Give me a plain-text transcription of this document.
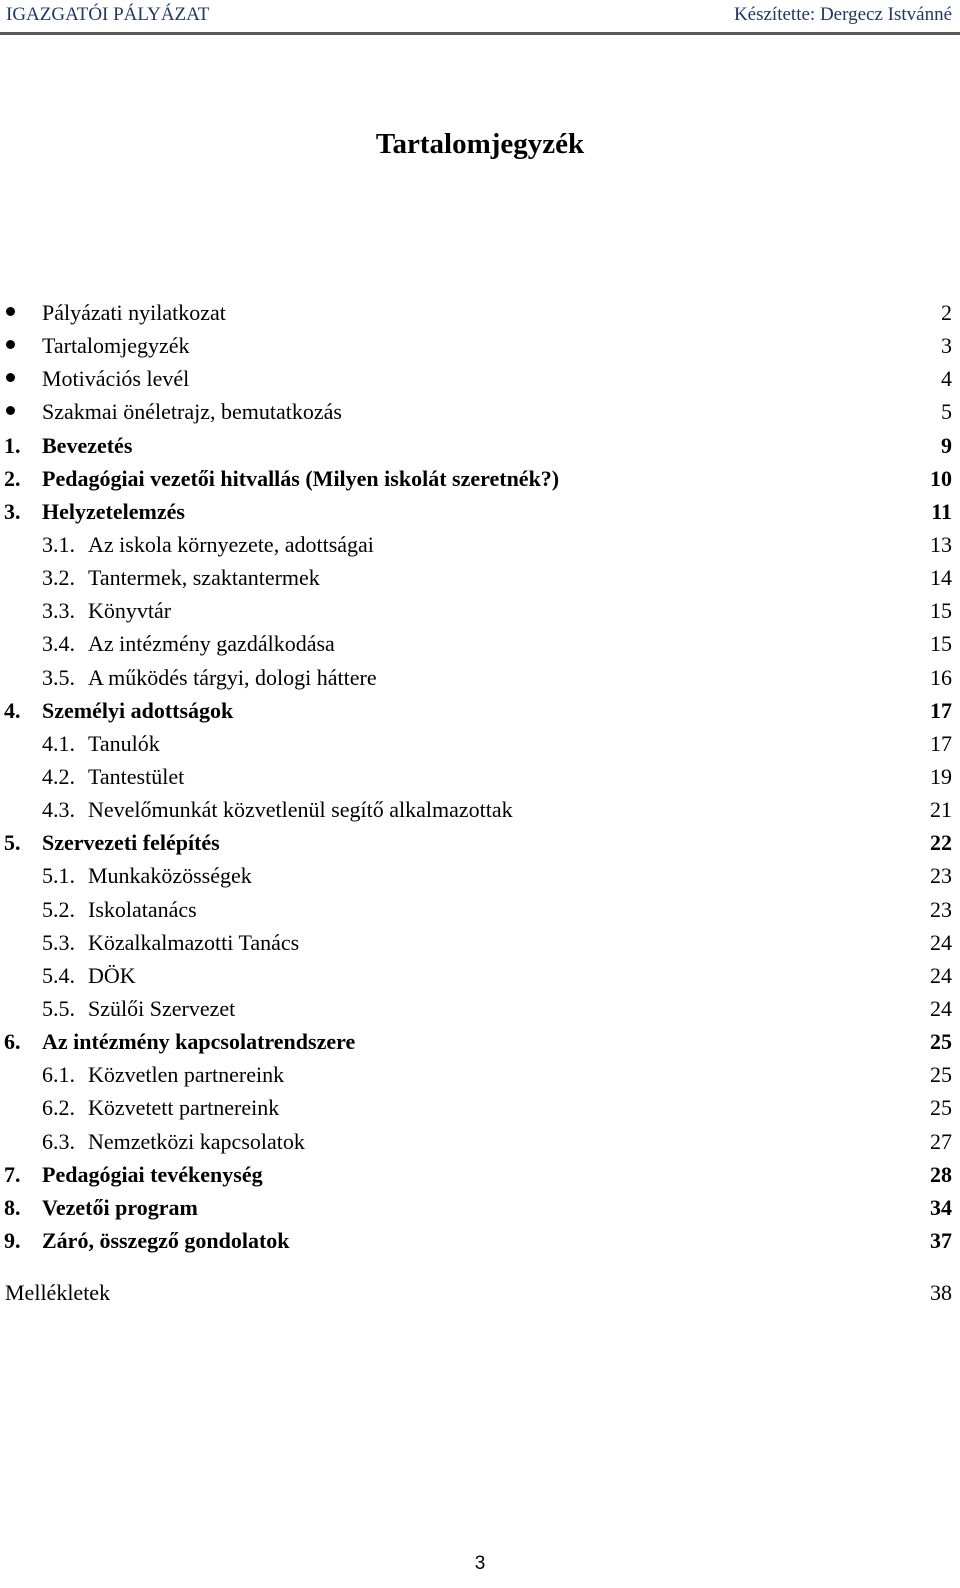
IGAZGATÓI PÁLYÁZAT	Készítette: Dergecz Istvánné
Tartalomjegyzék
Pályázati nyilatkozat	2
Tartalomjegyzék	3
Motivációs levél	4
Szakmai önéletrajz, bemutatkozás	5
1. Bevezetés	9
2. Pedagógiai vezetői hitvallás (Milyen iskolát szeretnék?)	10
3. Helyzetelemzés	11
3.1. Az iskola környezete, adottságai	13
3.2. Tantermek, szaktantermek	14
3.3. Könyvtár	15
3.4. Az intézmény gazdálkodása	15
3.5. A működés tárgyi, dologi háttere	16
4. Személyi adottságok	17
4.1. Tanulók	17
4.2. Tantestület	19
4.3. Nevelőmunkát közvetlenül segítő alkalmazottak	21
5. Szervezeti felépítés	22
5.1. Munkaközösségek	23
5.2. Iskolatanács	23
5.3. Közalkalmazotti Tanács	24
5.4. DÖK	24
5.5. Szülői Szervezet	24
6. Az intézmény kapcsolatrendszere	25
6.1. Közvetlen partnereink	25
6.2. Közvetett partnereink	25
6.3. Nemzetközi kapcsolatok	27
7. Pedagógiai tevékenység	28
8. Vezetői program	34
9. Záró, összegző gondolatok	37
Mellékletek	38
3
